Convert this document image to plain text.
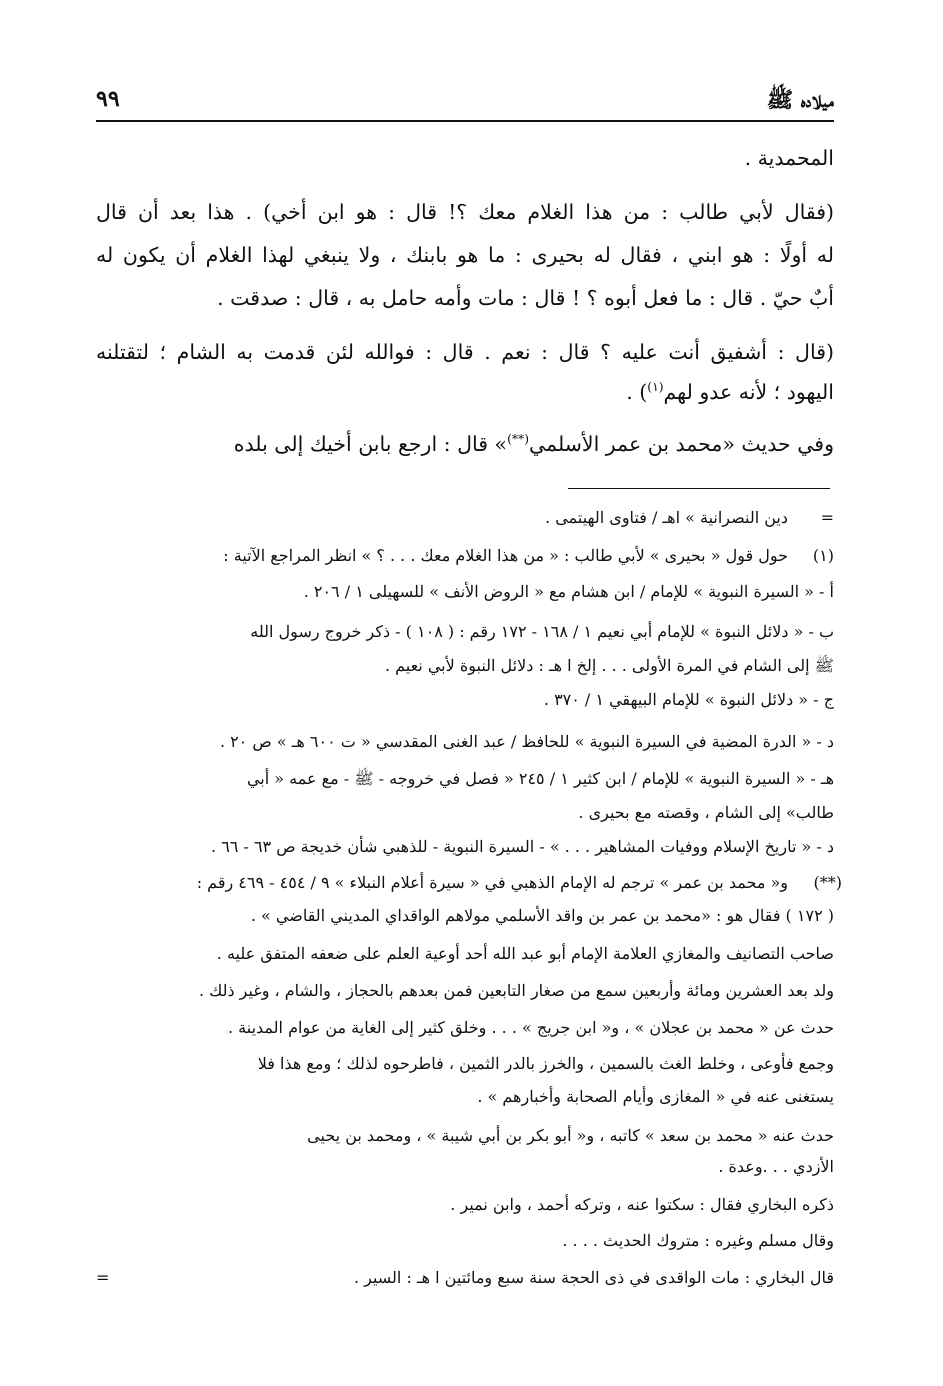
ميلاده ﷺ
٩٩
المحمدية .
(فقال لأبي طالب : من هذا الغلام معك ؟! قال : هو ابن أخي) . هذا بعد أن قال
له أولًا : هو ابني ، فقال له بحيرى : ما هو بابنك ، ولا ينبغي لهذا الغلام أن يكون له
أبٌ حيّ . قال : ما فعل أبوه ؟ ! قال : مات وأمه حامل به ، قال : صدقت .
(قال : أشفيق أنت عليه ؟ قال : نعم . قال : فوالله لئن قدمت به الشام ؛ لتقتلنه
اليهود ؛ لأنه عدو لهم$^{(١)}$) .
وفي حديث «محمد بن عمر الأسلمي(**)» قال : ارجع بابن أخيك إلى بلده
=
دين النصرانية » اهـ / فتاوى الهيتمى .
(١)
حول قول « بحيرى » لأبي طالب : « من هذا الغلام معك . . . ؟ » انظر المراجع الآتية :
أ - « السيرة النبوية » للإمام / ابن هشام مع « الروض الأنف » للسهيلى ١ / ٢٠٦ .
ب - « دلائل النبوة » للإمام أبي نعيم ١ / ١٦٨ - ١٧٢ رقم : ( ١٠٨ ) - ذكر خروج رسول الله
ﷺ إلى الشام في المرة الأولى . . . إلخ ا هـ : دلائل النبوة لأبي نعيم .
ج - « دلائل النبوة » للإمام البيهقي ١ / ٣٧٠ .
د - « الدرة المضية في السيرة النبوية » للحافظ / عبد الغنى المقدسي « ت ٦٠٠ هـ » ص ٢٠ .
هـ - « السيرة النبوية » للإمام / ابن كثير ١ / ٢٤٥ « فصل في خروجه - ﷺ - مع عمه « أبي
طالب» إلى الشام ، وقصته مع بحيرى .
د - « تاريخ الإسلام ووفيات المشاهير . . . » - السيرة النبوية - للذهبي شأن خديجة ص ٦٣ - ٦٦ .
(**)
و« محمد بن عمر » ترجم له الإمام الذهبي في « سيرة أعلام النبلاء » ٩ / ٤٥٤ - ٤٦٩ رقم :
( ١٧٢ ) فقال هو : «محمد بن عمر بن واقد الأسلمي مولاهم الواقداي المديني القاضي » .
صاحب التصانيف والمغازي العلامة الإمام أبو عبد الله أحد أوعية العلم على ضعفه المتفق عليه .
ولد بعد العشرين ومائة وأربعين سمع من صغار التابعين فمن بعدهم بالحجاز ، والشام ، وغير ذلك .
حدث عن « محمد بن عجلان » ، و« ابن جريج » . . . وخلق كثير إلى الغاية من عوام المدينة .
وجمع فأوعى ، وخلط الغث بالسمين ، والخرز بالدر الثمين ، فاطرحوه لذلك ؛ ومع هذا فلا
يستغنى عنه في « المغازى وأيام الصحابة وأخبارهم » .
حدث عنه « محمد بن سعد » كاتبه ، و« أبو بكر بن أبي شيبة » ، ومحمد بن يحيى
الأزدي . . .وعدة .
ذكره البخاري فقال : سكتوا عنه ، وتركه أحمد ، وابن نمير .
وقال مسلم وغيره : متروك الحديث . . . .
قال البخاري : مات الواقدى في ذى الحجة سنة سبع ومائتين ا هـ : السير .
=
